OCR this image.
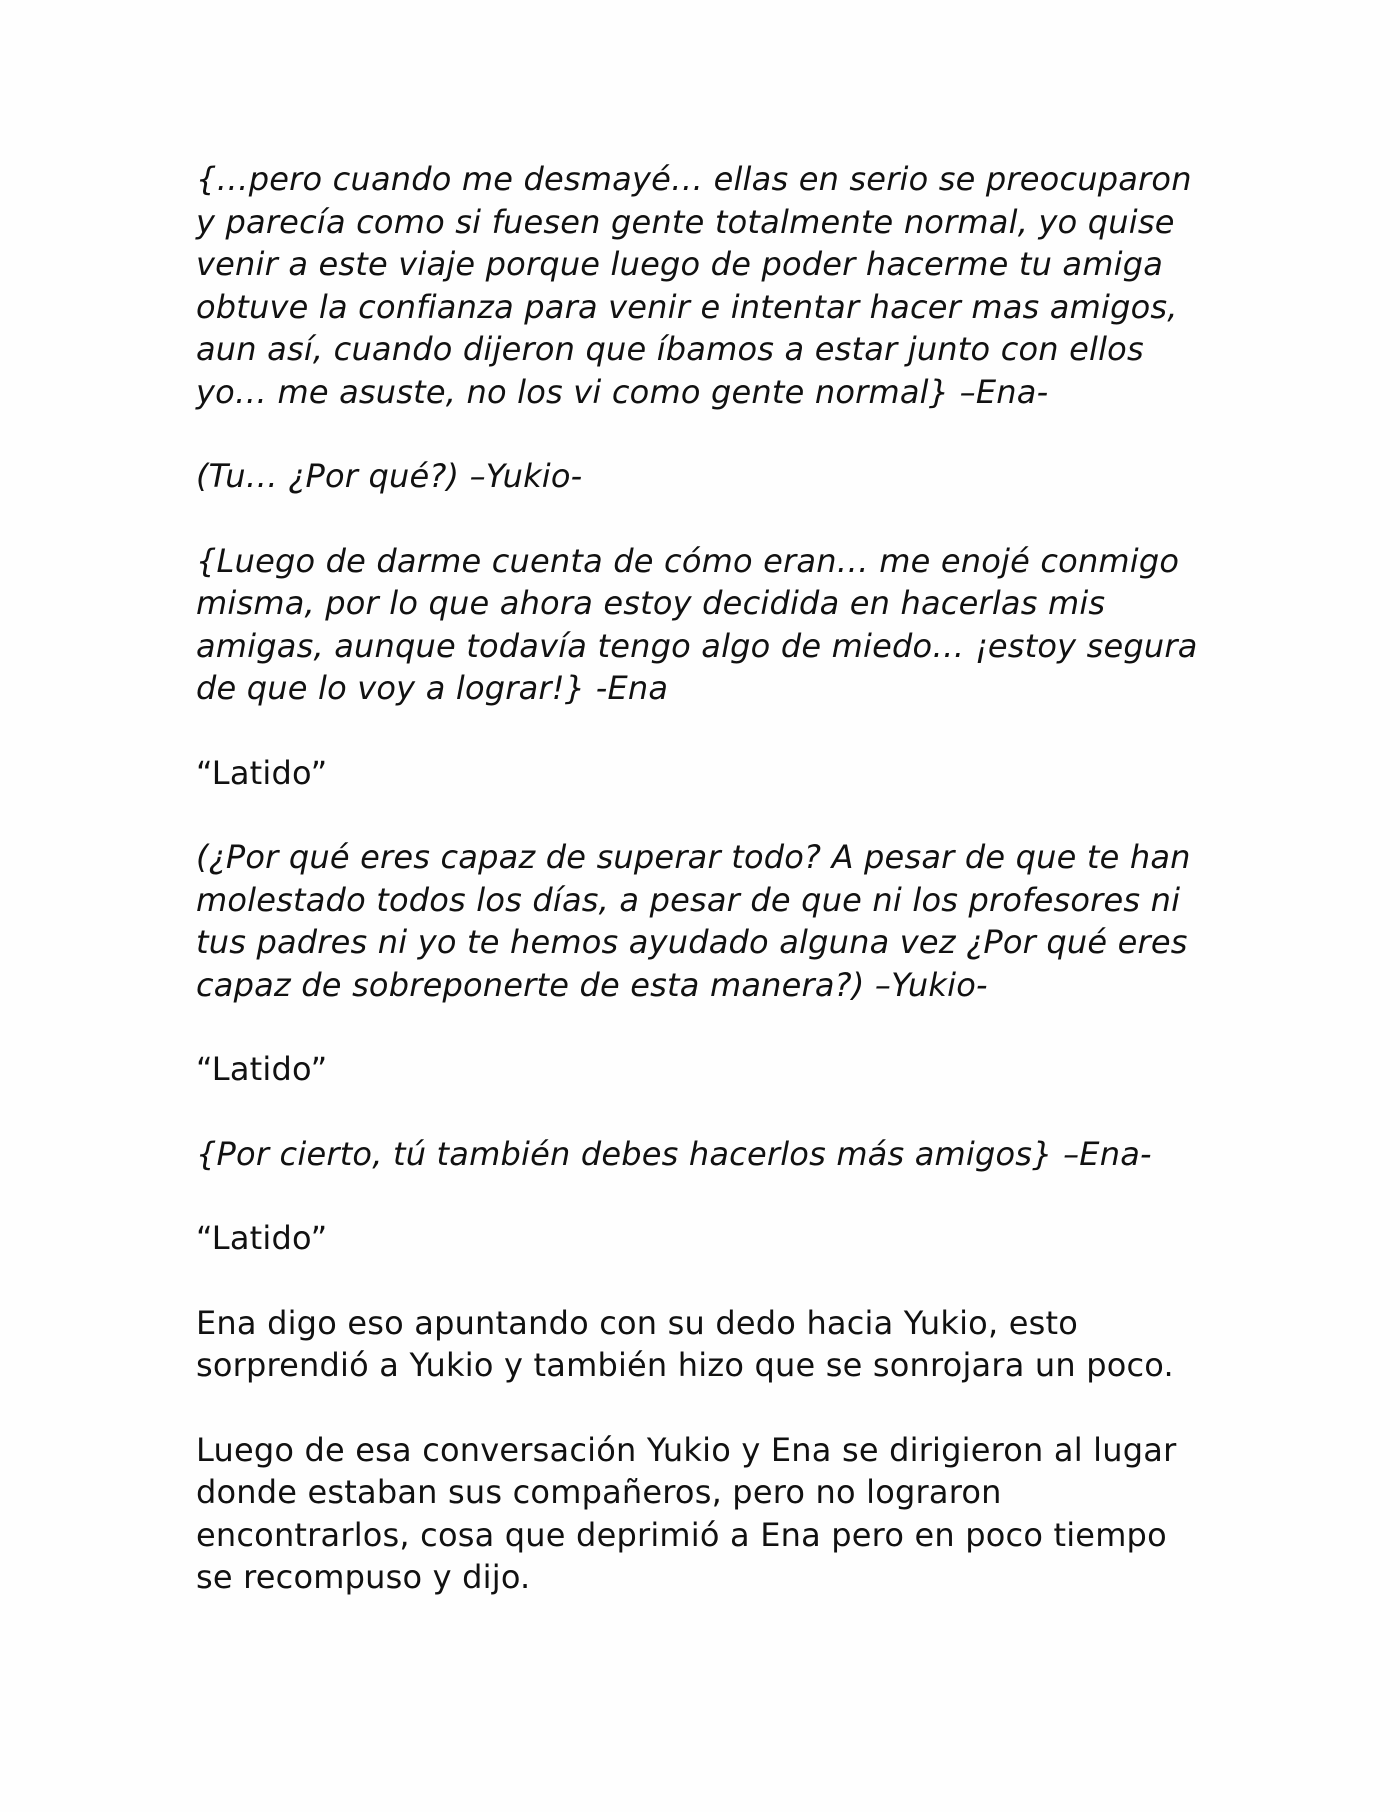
{…pero cuando me desmayé… ellas en serio se preocuparon
y parecía como si fuesen gente totalmente normal, yo quise
venir a este viaje porque luego de poder hacerme tu amiga
obtuve la confianza para venir e intentar hacer mas amigos,
aun así, cuando dijeron que íbamos a estar junto con ellos
yo… me asuste, no los vi como gente normal} –Ena-

(Tu… ¿Por qué?) –Yukio-

{Luego de darme cuenta de cómo eran… me enojé conmigo
misma, por lo que ahora estoy decidida en hacerlas mis
amigas, aunque todavía tengo algo de miedo… ¡estoy segura
de que lo voy a lograr!} -Ena

“Latido”

(¿Por qué eres capaz de superar todo? A pesar de que te han
molestado todos los días, a pesar de que ni los profesores ni
tus padres ni yo te hemos ayudado alguna vez ¿Por qué eres
capaz de sobreponerte de esta manera?) –Yukio-

“Latido”

{Por cierto, tú también debes hacerlos más amigos} –Ena-

“Latido”

Ena digo eso apuntando con su dedo hacia Yukio, esto
sorprendió a Yukio y también hizo que se sonrojara un poco.

Luego de esa conversación Yukio y Ena se dirigieron al lugar
donde estaban sus compañeros, pero no lograron
encontrarlos, cosa que deprimió a Ena pero en poco tiempo
se recompuso y dijo.
